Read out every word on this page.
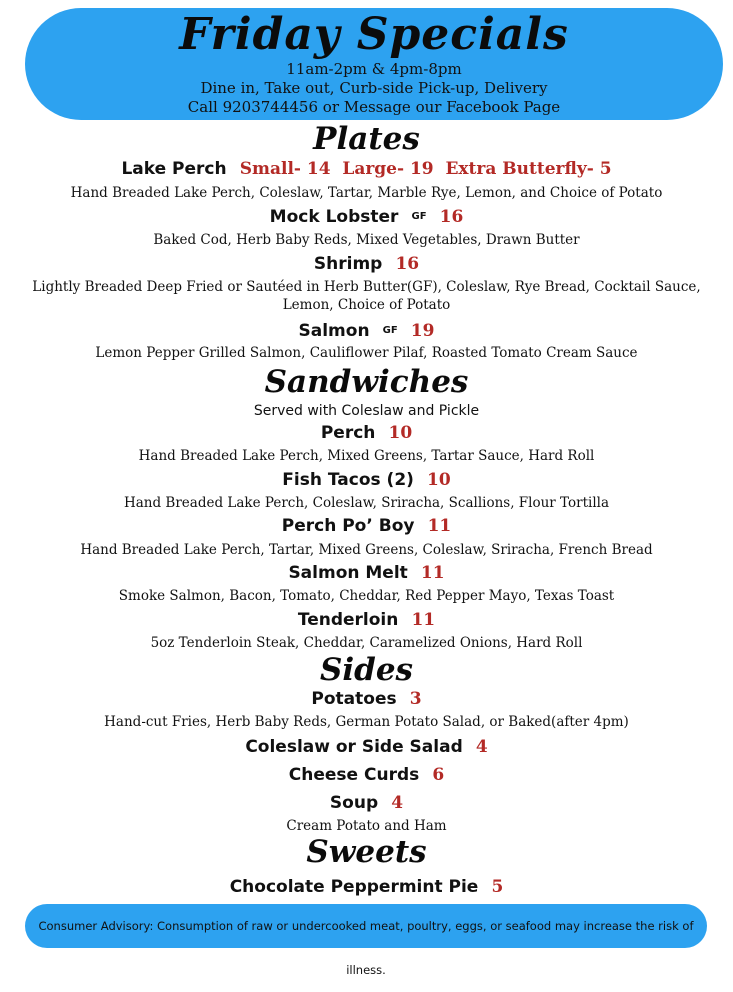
Friday Specials
11am-2pm & 4pm-8pm
Dine in, Take out, Curb-side Pick-up, Delivery
Call 9203744456 or Message our Facebook Page
Plates
Lake Perch Small- 14  Large- 19  Extra Butterfly- 5
Hand Breaded Lake Perch, Coleslaw, Tartar, Marble Rye, Lemon, and Choice of Potato
Mock Lobster GF 16
Baked Cod, Herb Baby Reds, Mixed Vegetables, Drawn Butter
Shrimp 16
Lightly Breaded Deep Fried or Sautéed in Herb Butter(GF), Coleslaw, Rye Bread, Cocktail Sauce,
Lemon, Choice of Potato
Salmon GF 19
Lemon Pepper Grilled Salmon, Cauliflower Pilaf, Roasted Tomato Cream Sauce
Sandwiches
Served with Coleslaw and Pickle
Perch 10
Hand Breaded Lake Perch, Mixed Greens, Tartar Sauce, Hard Roll
Fish Tacos (2) 10
Hand Breaded Lake Perch, Coleslaw, Sriracha, Scallions, Flour Tortilla
Perch Po’ Boy 11
Hand Breaded Lake Perch, Tartar, Mixed Greens, Coleslaw, Sriracha, French Bread
Salmon Melt 11
Smoke Salmon, Bacon, Tomato, Cheddar, Red Pepper Mayo, Texas Toast
Tenderloin 11
5oz Tenderloin Steak, Cheddar, Caramelized Onions, Hard Roll
Sides
Potatoes 3
Hand-cut Fries, Herb Baby Reds, German Potato Salad, or Baked(after 4pm)
Coleslaw or Side Salad 4
Cheese Curds 6
Soup 4
Cream Potato and Ham
Sweets
Chocolate Peppermint Pie 5
Consumer Advisory: Consumption of raw or undercooked meat, poultry, eggs, or seafood may increase the risk of illness.
